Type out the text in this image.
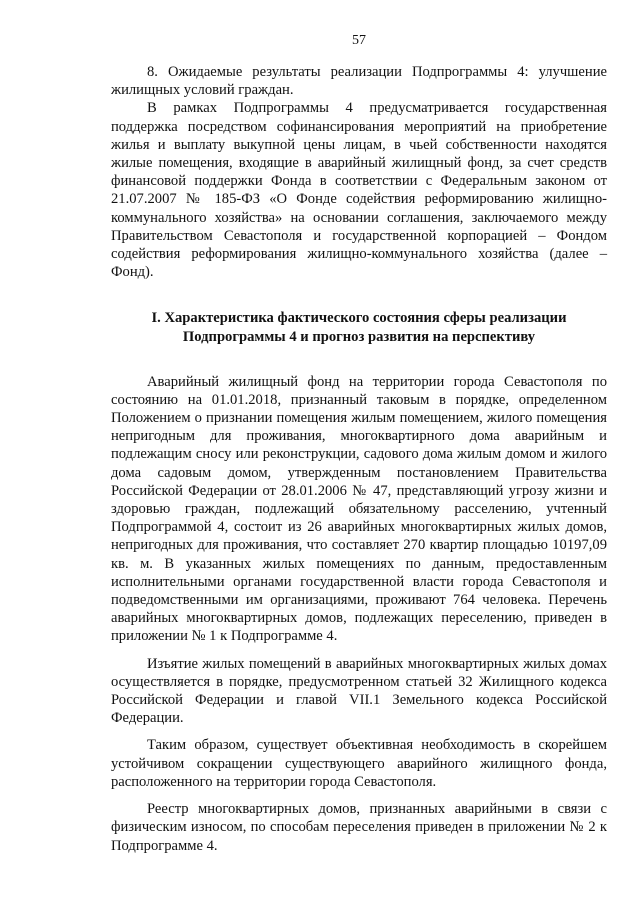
57

8. Ожидаемые результаты реализации Подпрограммы 4: улучшение жилищных условий граждан.

В рамках Подпрограммы 4 предусматривается государственная поддержка посредством софинансирования мероприятий на приобретение жилья и выплату выкупной цены лицам, в чьей собственности находятся жилые помещения, входящие в аварийный жилищный фонд, за счет средств финансовой поддержки Фонда в соответствии с Федеральным законом от 21.07.2007 № 185-ФЗ «О Фонде содействия реформированию жилищно-коммунального хозяйства» на основании соглашения, заключаемого между Правительством Севастополя и государственной корпорацией – Фондом содействия реформирования жилищно-коммунального хозяйства (далее – Фонд).

I. Характеристика фактического состояния сферы реализации
Подпрограммы 4 и прогноз развития на перспективу

Аварийный жилищный фонд на территории города Севастополя по состоянию на 01.01.2018, признанный таковым в порядке, определенном Положением о признании помещения жилым помещением, жилого помещения непригодным для проживания, многоквартирного дома аварийным и подлежащим сносу или реконструкции, садового дома жилым домом и жилого дома садовым домом, утвержденным постановлением Правительства Российской Федерации от 28.01.2006 № 47, представляющий угрозу жизни и здоровью граждан, подлежащий обязательному расселению, учтенный Подпрограммой 4, состоит из 26 аварийных многоквартирных жилых домов, непригодных для проживания, что составляет 270 квартир площадью 10197,09 кв. м. В указанных жилых помещениях по данным, предоставленным исполнительными органами государственной власти города Севастополя и подведомственными им организациями, проживают 764 человека. Перечень аварийных многоквартирных домов, подлежащих переселению, приведен в приложении № 1 к Подпрограмме 4.

Изъятие жилых помещений в аварийных многоквартирных жилых домах осуществляется в порядке, предусмотренном статьей 32 Жилищного кодекса Российской Федерации и главой VII.1 Земельного кодекса Российской Федерации.

Таким образом, существует объективная необходимость в скорейшем устойчивом сокращении существующего аварийного жилищного фонда, расположенного на территории города Севастополя.

Реестр многоквартирных домов, признанных аварийными в связи с физическим износом, по способам переселения приведен в приложении № 2 к Подпрограмме 4.
